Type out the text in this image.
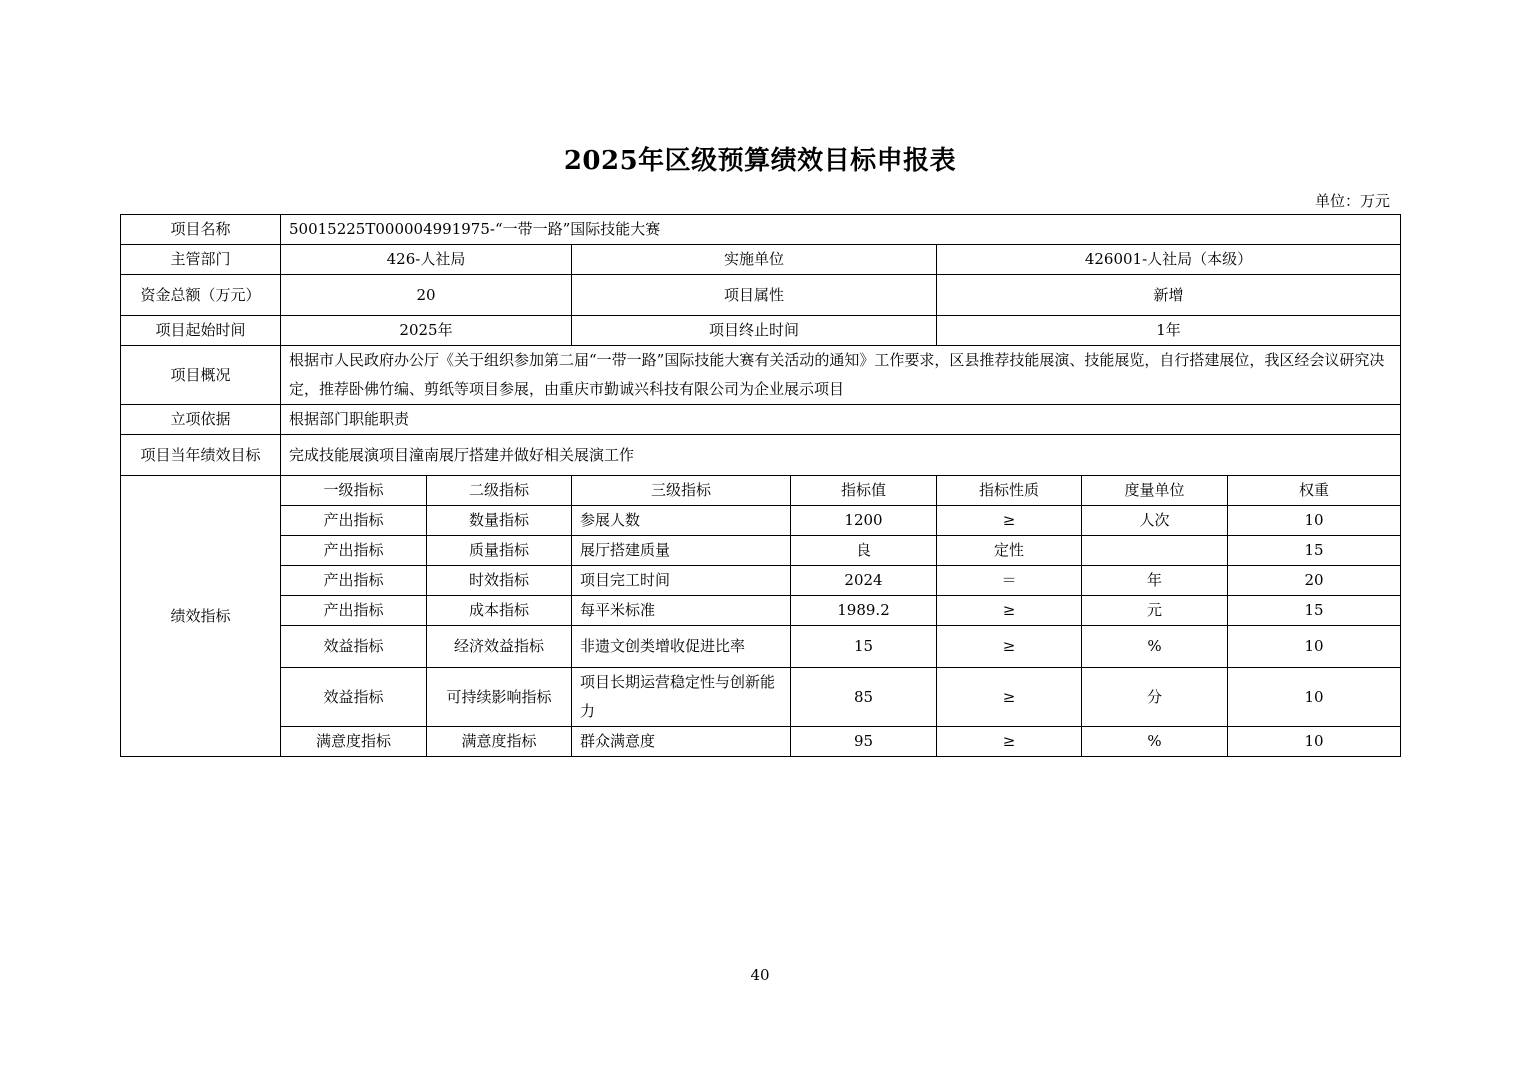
2025年区级预算绩效目标申报表
单位：万元
项目名称	50015225T000004991975-“一带一路”国际技能大赛						
主管部门	426-人社局		实施单位		426001-人社局（本级）		
资金总额（万元）	20		项目属性		新增		
项目起始时间	2025年		项目终止时间		1年		
项目概况	根据市人民政府办公厅《关于组织参加第二届“一带一路”国际技能大赛有关活动的通知》工作要求，区县推荐技能展演、技能展览，自行搭建展位，我区经会议研究决定，推荐卧佛竹编、剪纸等项目参展，由重庆市勤诚兴科技有限公司为企业展示项目						
立项依据	根据部门职能职责						
项目当年绩效目标	完成技能展演项目潼南展厅搭建并做好相关展演工作						
绩效指标	一级指标	二级指标	三级指标	指标值	指标性质	度量单位	权重
	产出指标	数量指标	参展人数	1200	≥	人次	10
	产出指标	质量指标	展厅搭建质量	良	定性		15
	产出指标	时效指标	项目完工时间	2024	＝	年	20
	产出指标	成本指标	每平米标准	1989.2	≥	元	15
	效益指标	经济效益指标	非遗文创类增收促进比率	15	≥	%	10
	效益指标	可持续影响指标	项目长期运营稳定性与创新能力	85	≥	分	10
	满意度指标	满意度指标	群众满意度	95	≥	%	10
40
